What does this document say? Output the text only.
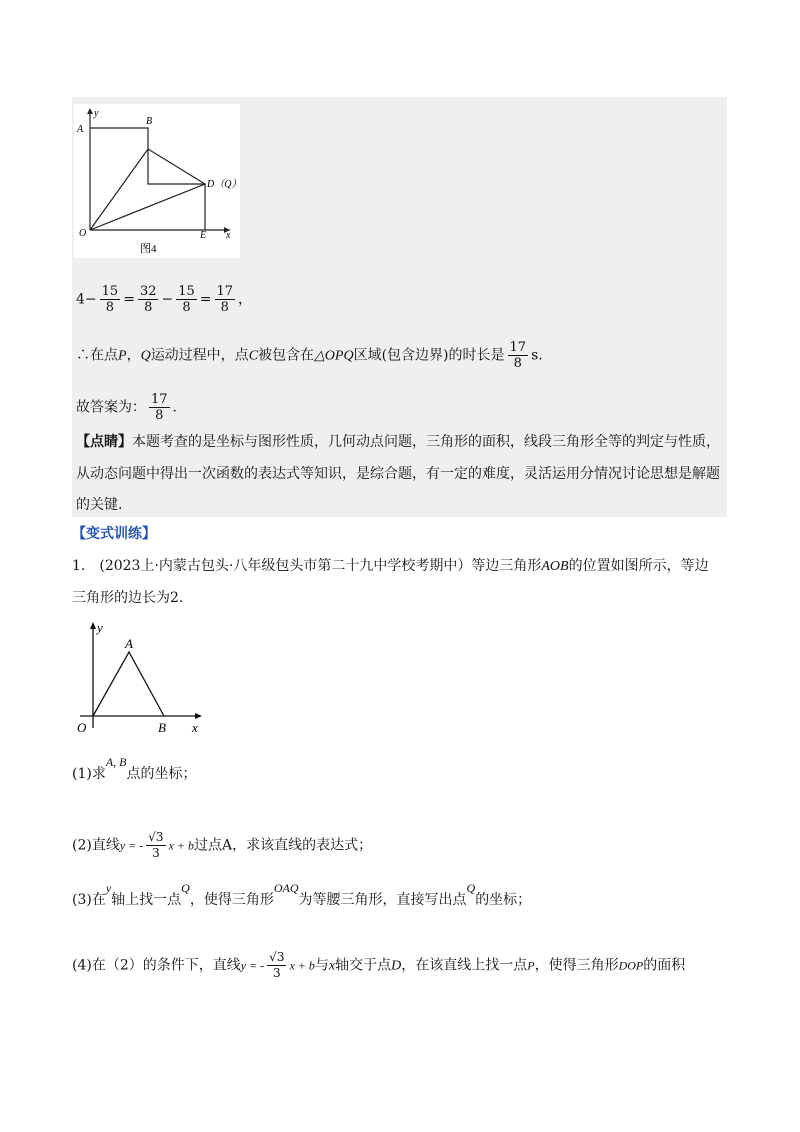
y
A
B
D（Q）
O	E x
图4
$4- \frac{15}{8} = \frac{32}{8} - \frac{15}{8} = \frac{17}{8}$ ，
∴在点P，Q运动过程中，点C被包含在△OPQ区域(包含边界)的时长是 $\frac{17}{8} s$.
故答案为： $\frac{17}{8}$ .
【点睛】本题考查的是坐标与图形性质，几何动点问题，三角形的面积，线段三角形全等的判定与性质，
从动态问题中得出一次函数的表达式等知识，是综合题，有一定的难度，灵活运用分情况讨论思想是解题
的关键.
【变式训练】
1.　(2023上·内蒙古包头·八年级包头市第二十九中学校考期中）等边三角形AOB的位置如图所示，等边
三角形的边长为2.
y
A
O	B x
(1)求A, B点的坐标；
(2)直线y = - $\frac{√3}{3}$ x + b过点A，求该直线的表达式；
(3)在y轴上找一点Q，使得三角形OAQ为等腰三角形，直接写出点Q的坐标；
(4)在（2）的条件下，直线y = - $\frac{√3}{3}$ x + b与x轴交于点D，在该直线上找一点P，使得三角形DOP的面积
